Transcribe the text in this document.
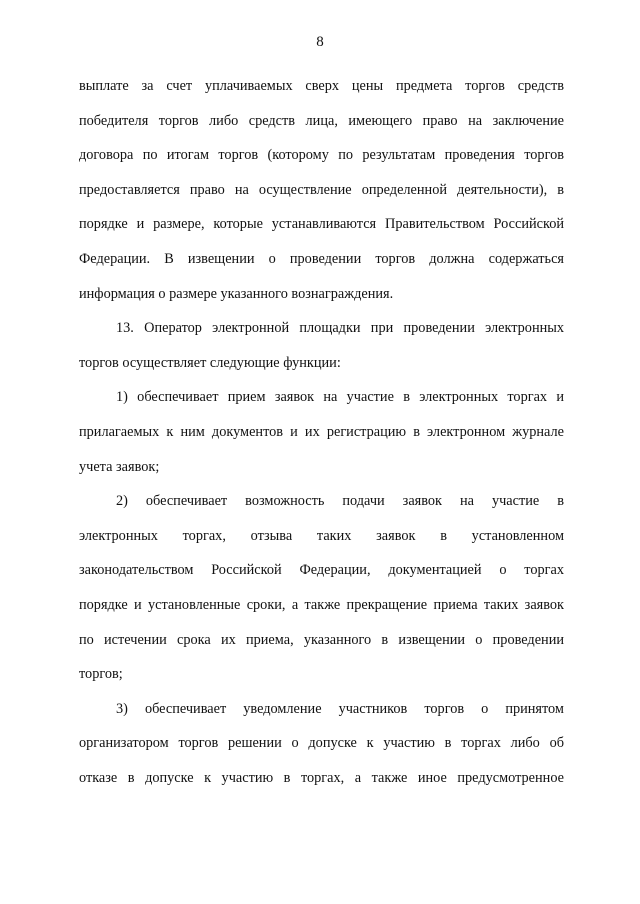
8
выплате за счет уплачиваемых сверх цены предмета торгов средств
победителя торгов либо средств лица, имеющего право на заключение
договора по итогам торгов (которому по результатам проведения торгов
предоставляется право на осуществление определенной деятельности), в
порядке и размере, которые устанавливаются Правительством Российской
Федерации. В извещении о проведении торгов должна содержаться
информация о размере указанного вознаграждения.
13. Оператор электронной площадки при проведении электронных
торгов осуществляет следующие функции:
1) обеспечивает прием заявок на участие в электронных торгах и
прилагаемых к ним документов и их регистрацию в электронном журнале
учета заявок;
2) обеспечивает возможность подачи заявок на участие в
электронных торгах, отзыва таких заявок в установленном
законодательством Российской Федерации, документацией о торгах
порядке и установленные сроки, а также прекращение приема таких заявок
по истечении срока их приема, указанного в извещении о проведении
торгов;
3) обеспечивает уведомление участников торгов о принятом
организатором торгов решении о допуске к участию в торгах либо об
отказе в допуске к участию в торгах, а также иное предусмотренное
